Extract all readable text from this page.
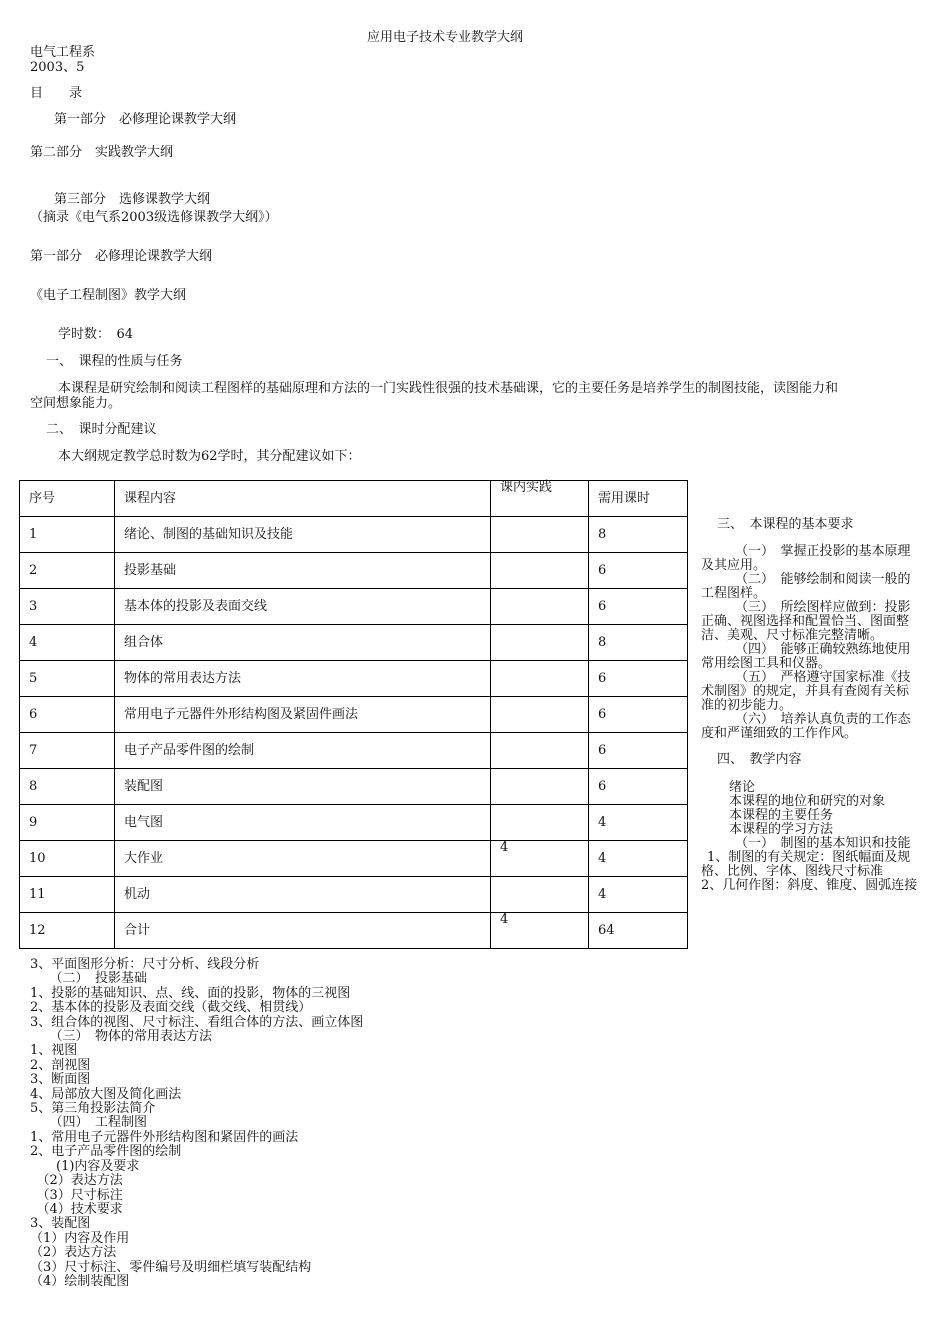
应用电子技术专业教学大纲
电气工程系
2003、5
目　　录
第一部分　必修理论课教学大纲
第二部分　实践教学大纲
第三部分　选修课教学大纲
（摘录《电气系2003级选修课教学大纲》）
第一部分　必修理论课教学大纲
《电子工程制图》教学大纲
学时数：　64
一、　课程的性质与任务
本课程是研究绘制和阅读工程图样的基础原理和方法的一门实践性很强的技术基础课，它的主要任务是培养学生的制图技能，读图能力和
空间想象能力。
二、　课时分配建议
本大纲规定教学总时数为62学时，其分配建议如下：
序号	课程内容	课内实践	需用课时
1	绪论、制图的基础知识及技能		8
2	投影基础		6
3	基本体的投影及表面交线		6
4	组合体		8
5	物体的常用表达方法		6
6	常用电子元器件外形结构图及紧固件画法		6
7	电子产品零件图的绘制		6
8	装配图		6
9	电气图		4
10	大作业	4	4
11	机动		4
12	合计	4	64
三、　本课程的基本要求
（一）　掌握正投影的基本原理及其应用。
（二）　能够绘制和阅读一般的工程图样。
（三）　所绘图样应做到：投影正确、视图选择和配置恰当、图面整洁、美观、尺寸标准完整清晰。
（四）　能够正确较熟练地使用常用绘图工具和仪器。
（五）　严格遵守国家标准《技术制图》的规定，并具有查阅有关标准的初步能力。
（六）　培养认真负责的工作态度和严谨细致的工作作风。
四、　教学内容
绪论
本课程的地位和研究的对象
本课程的主要任务
本课程的学习方法
（一）　制图的基本知识和技能
1、制图的有关规定：图纸幅面及规格、比例、字体、图线尺寸标准
2、几何作图：斜度、锥度、圆弧连接
3、平面图形分析：尺寸分析、线段分析
　　（二）　投影基础
1、投影的基础知识、点、线、面的投影，物体的三视图
2、基本体的投影及表面交线（截交线、相贯线）
3、组合体的视图、尺寸标注、看组合体的方法、画立体图
　　（三）　物体的常用表达方法
1、视图
2、剖视图
3、断面图
4、局部放大图及简化画法
5、第三角投影法简介
　　（四）　工程制图
1、常用电子元器件外形结构图和紧固件的画法
2、电子产品零件图的绘制
　　(1)内容及要求
　（2）表达方法
　（3）尺寸标注
　（4）技术要求
3、装配图
（1）内容及作用
（2）表达方法
（3）尺寸标注、零件编号及明细栏填写装配结构
（4）绘制装配图
